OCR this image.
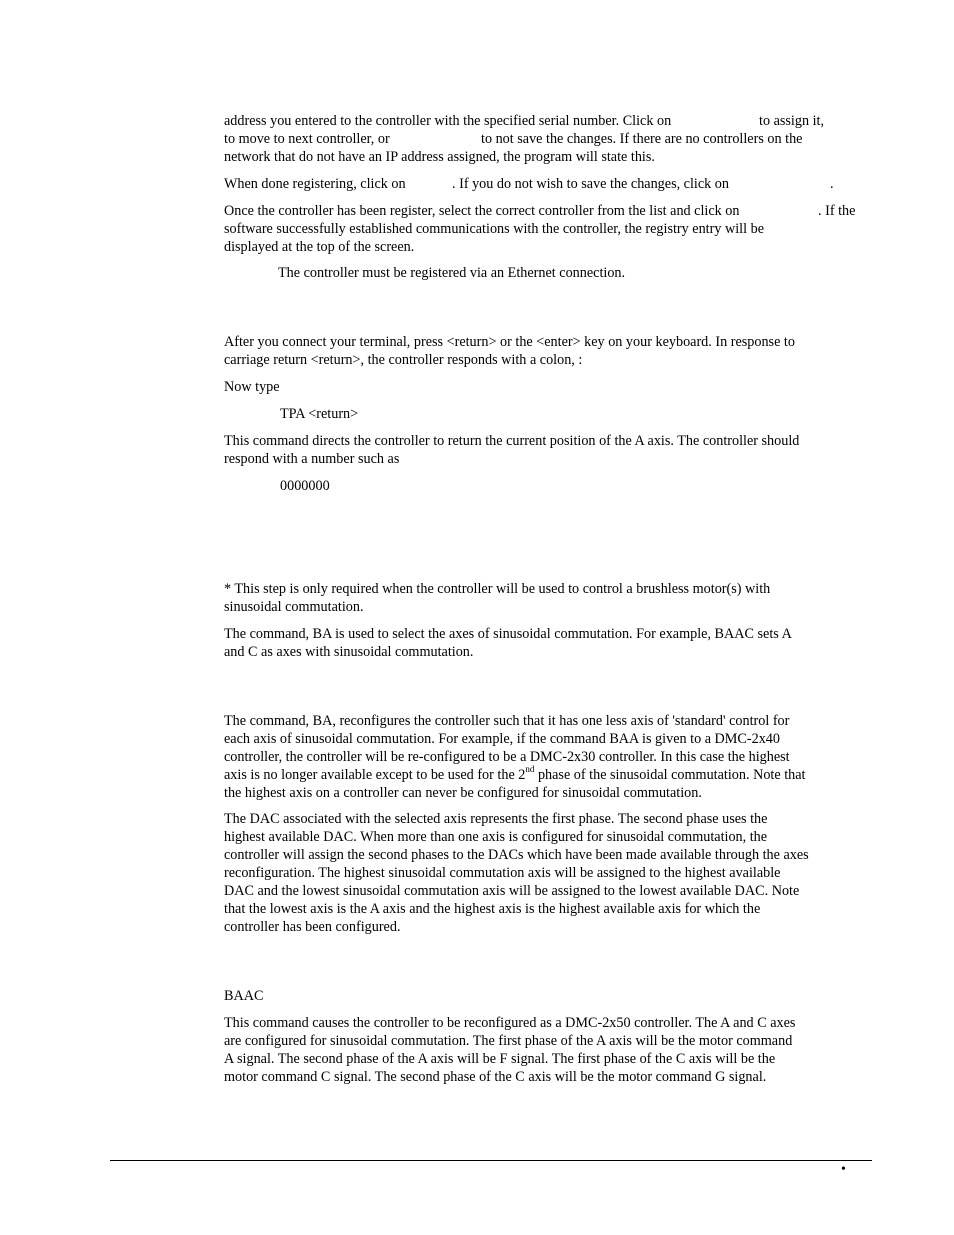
address you entered to the controller with the specified serial number. Click on	to assign it,
to move to next controller, or	to not save the changes. If there are no controllers on the
network that do not have an IP address assigned, the program will state this.
When done registering, click on	. If you do not wish to save the changes, click on	.
Once the controller has been register, select the correct controller from the list and click on	. If the
software successfully established communications with the controller, the registry entry will be
displayed at the top of the screen.
The controller must be registered via an Ethernet connection.
After you connect your terminal, press <return> or the <enter> key on your keyboard. In response to
carriage return <return>, the controller responds with a colon, :
Now type
TPA <return>
This command directs the controller to return the current position of the A axis. The controller should
respond with a number such as
0000000
* This step is only required when the controller will be used to control a brushless motor(s) with
sinusoidal commutation.
The command, BA is used to select the axes of sinusoidal commutation. For example, BAAC sets A
and C as axes with sinusoidal commutation.
The command, BA, reconfigures the controller such that it has one less axis of 'standard' control for
each axis of sinusoidal commutation. For example, if the command BAA is given to a DMC-2x40
controller, the controller will be re-configured to be a DMC-2x30 controller. In this case the highest
axis is no longer available except to be used for the 2nd phase of the sinusoidal commutation. Note that
the highest axis on a controller can never be configured for sinusoidal commutation.
The DAC associated with the selected axis represents the first phase. The second phase uses the
highest available DAC. When more than one axis is configured for sinusoidal commutation, the
controller will assign the second phases to the DACs which have been made available through the axes
reconfiguration. The highest sinusoidal commutation axis will be assigned to the highest available
DAC and the lowest sinusoidal commutation axis will be assigned to the lowest available DAC. Note
that the lowest axis is the A axis and the highest axis is the highest available axis for which the
controller has been configured.
BAAC
This command causes the controller to be reconfigured as a DMC-2x50 controller. The A and C axes
are configured for sinusoidal commutation. The first phase of the A axis will be the motor command
A signal. The second phase of the A axis will be F signal. The first phase of the C axis will be the
motor command C signal. The second phase of the C axis will be the motor command G signal.
•
